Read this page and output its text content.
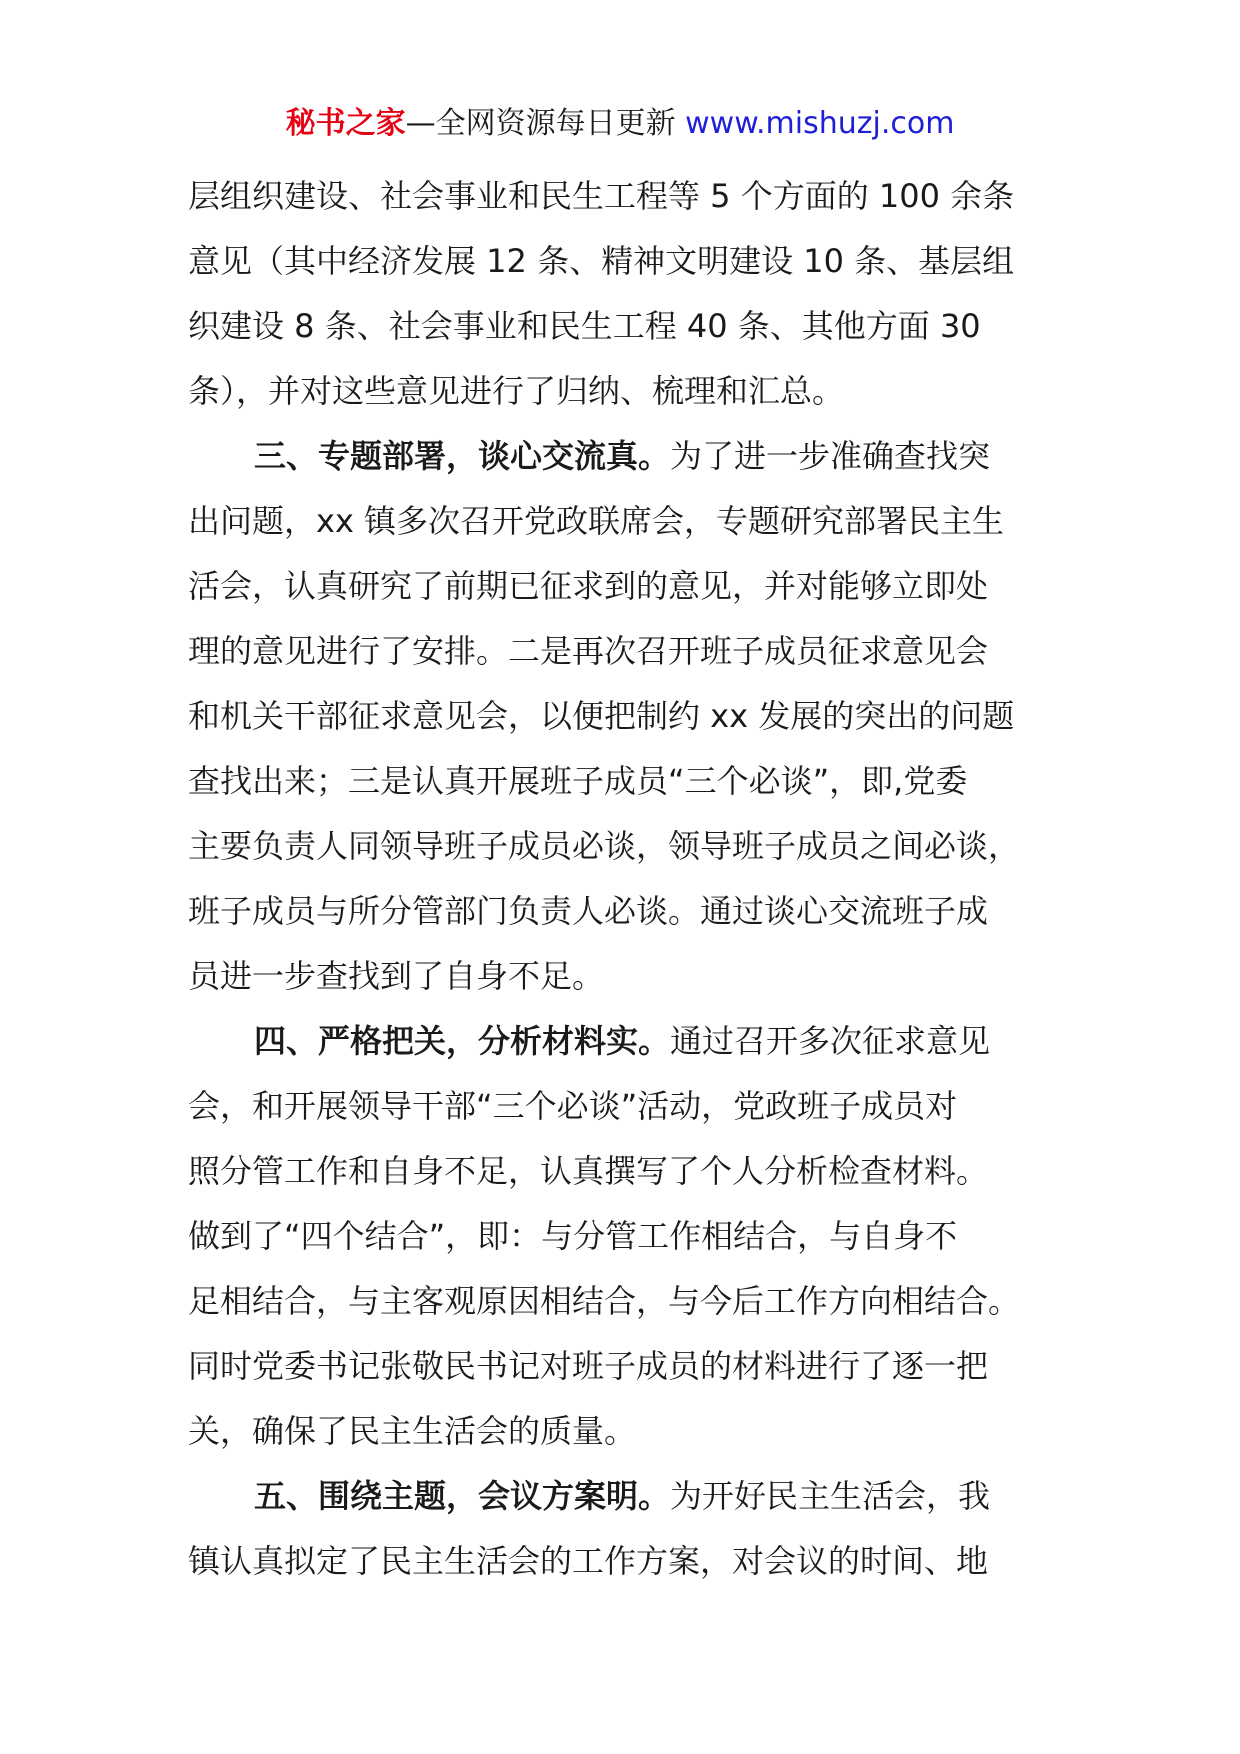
秘书之家—全网资源每日更新 www.mishuzj.com
层组织建设、社会事业和民生工程等 5 个方面的 100 余条
意见（其中经济发展 12 条、精神文明建设 10 条、基层组
织建设 8 条、社会事业和民生工程 40 条、其他方面 30
条），并对这些意见进行了归纳、梳理和汇总。
三、专题部署，谈心交流真。为了进一步准确查找突
出问题，xx 镇多次召开党政联席会，专题研究部署民主生
活会，认真研究了前期已征求到的意见，并对能够立即处
理的意见进行了安排。二是再次召开班子成员征求意见会
和机关干部征求意见会，以便把制约 xx 发展的突出的问题
查找出来；三是认真开展班子成员“三个必谈”，即,党委
主要负责人同领导班子成员必谈，领导班子成员之间必谈，
班子成员与所分管部门负责人必谈。通过谈心交流班子成
员进一步查找到了自身不足。
四、严格把关，分析材料实。通过召开多次征求意见
会，和开展领导干部“三个必谈”活动，党政班子成员对
照分管工作和自身不足，认真撰写了个人分析检查材料。
做到了“四个结合”，即：与分管工作相结合，与自身不
足相结合，与主客观原因相结合，与今后工作方向相结合。
同时党委书记张敬民书记对班子成员的材料进行了逐一把
关，确保了民主生活会的质量。
五、围绕主题，会议方案明。为开好民主生活会，我
镇认真拟定了民主生活会的工作方案，对会议的时间、地
